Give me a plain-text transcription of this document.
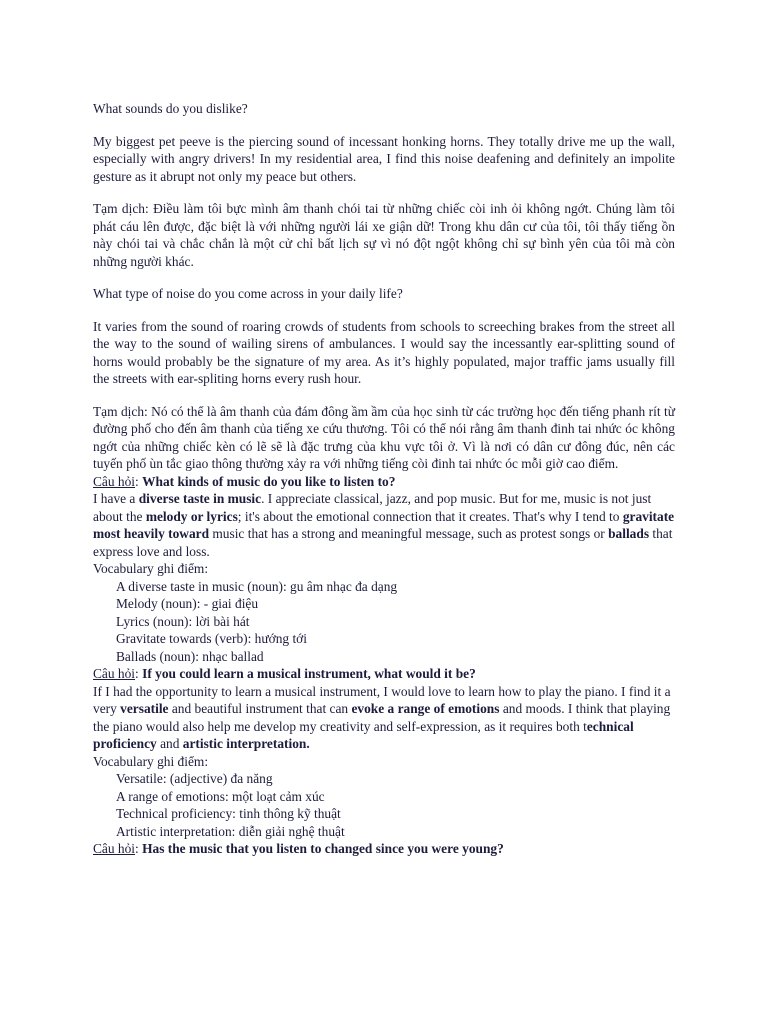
What sounds do you dislike?

My biggest pet peeve is the piercing sound of incessant honking horns. They totally drive me up the wall, especially with angry drivers! In my residential area, I find this noise deafening and definitely an impolite gesture as it abrupt not only my peace but others.

Tạm dịch: Điều làm tôi bực mình âm thanh chói tai từ những chiếc còi inh ỏi không ngớt. Chúng làm tôi phát cáu lên được, đặc biệt là với những người lái xe giận dữ! Trong khu dân cư của tôi, tôi thấy tiếng ồn này chói tai và chắc chắn là một cử chỉ bất lịch sự vì nó đột ngột không chỉ sự bình yên của tôi mà còn những người khác.

What type of noise do you come across in your daily life?

It varies from the sound of roaring crowds of students from schools to screeching brakes from the street all the way to the sound of wailing sirens of ambulances. I would say the incessantly ear-splitting sound of horns would probably be the signature of my area. As it’s highly populated, major traffic jams usually fill the streets with ear-spliting horns every rush hour.

Tạm dịch: Nó có thể là âm thanh của đám đông ầm ầm của học sinh từ các trường học đến tiếng phanh rít từ đường phố cho đến âm thanh của tiếng xe cứu thương. Tôi có thể nói rằng âm thanh đinh tai nhức óc không ngớt của những chiếc kèn có lẽ sẽ là đặc trưng của khu vực tôi ở. Vì là nơi có dân cư đông đúc, nên các tuyến phố ùn tắc giao thông thường xảy ra với những tiếng còi đinh tai nhức óc mỗi giờ cao điểm.

Câu hỏi: What kinds of music do you like to listen to?

I have a diverse taste in music. I appreciate classical, jazz, and pop music. But for me, music is not just about the melody or lyrics; it's about the emotional connection that it creates. That's why I tend to gravitate most heavily toward music that has a strong and meaningful message, such as protest songs or ballads that express love and loss.

Vocabulary ghi điểm:

A diverse taste in music (noun): gu âm nhạc đa dạng

Melody (noun): - giai điệu

Lyrics (noun): lời bài hát

Gravitate towards (verb): hướng tới

Ballads (noun): nhạc ballad

Câu hỏi: If you could learn a musical instrument, what would it be?

If I had the opportunity to learn a musical instrument, I would love to learn how to play the piano. I find it a very versatile and beautiful instrument that can evoke a range of emotions and moods. I think that playing the piano would also help me develop my creativity and self-expression, as it requires both technical proficiency and artistic interpretation.

Vocabulary ghi điểm:

Versatile: (adjective) đa năng

A range of emotions: một loạt cảm xúc

Technical proficiency: tinh thông kỹ thuật

Artistic interpretation: diễn giải nghệ thuật

Câu hỏi: Has the music that you listen to changed since you were young?
